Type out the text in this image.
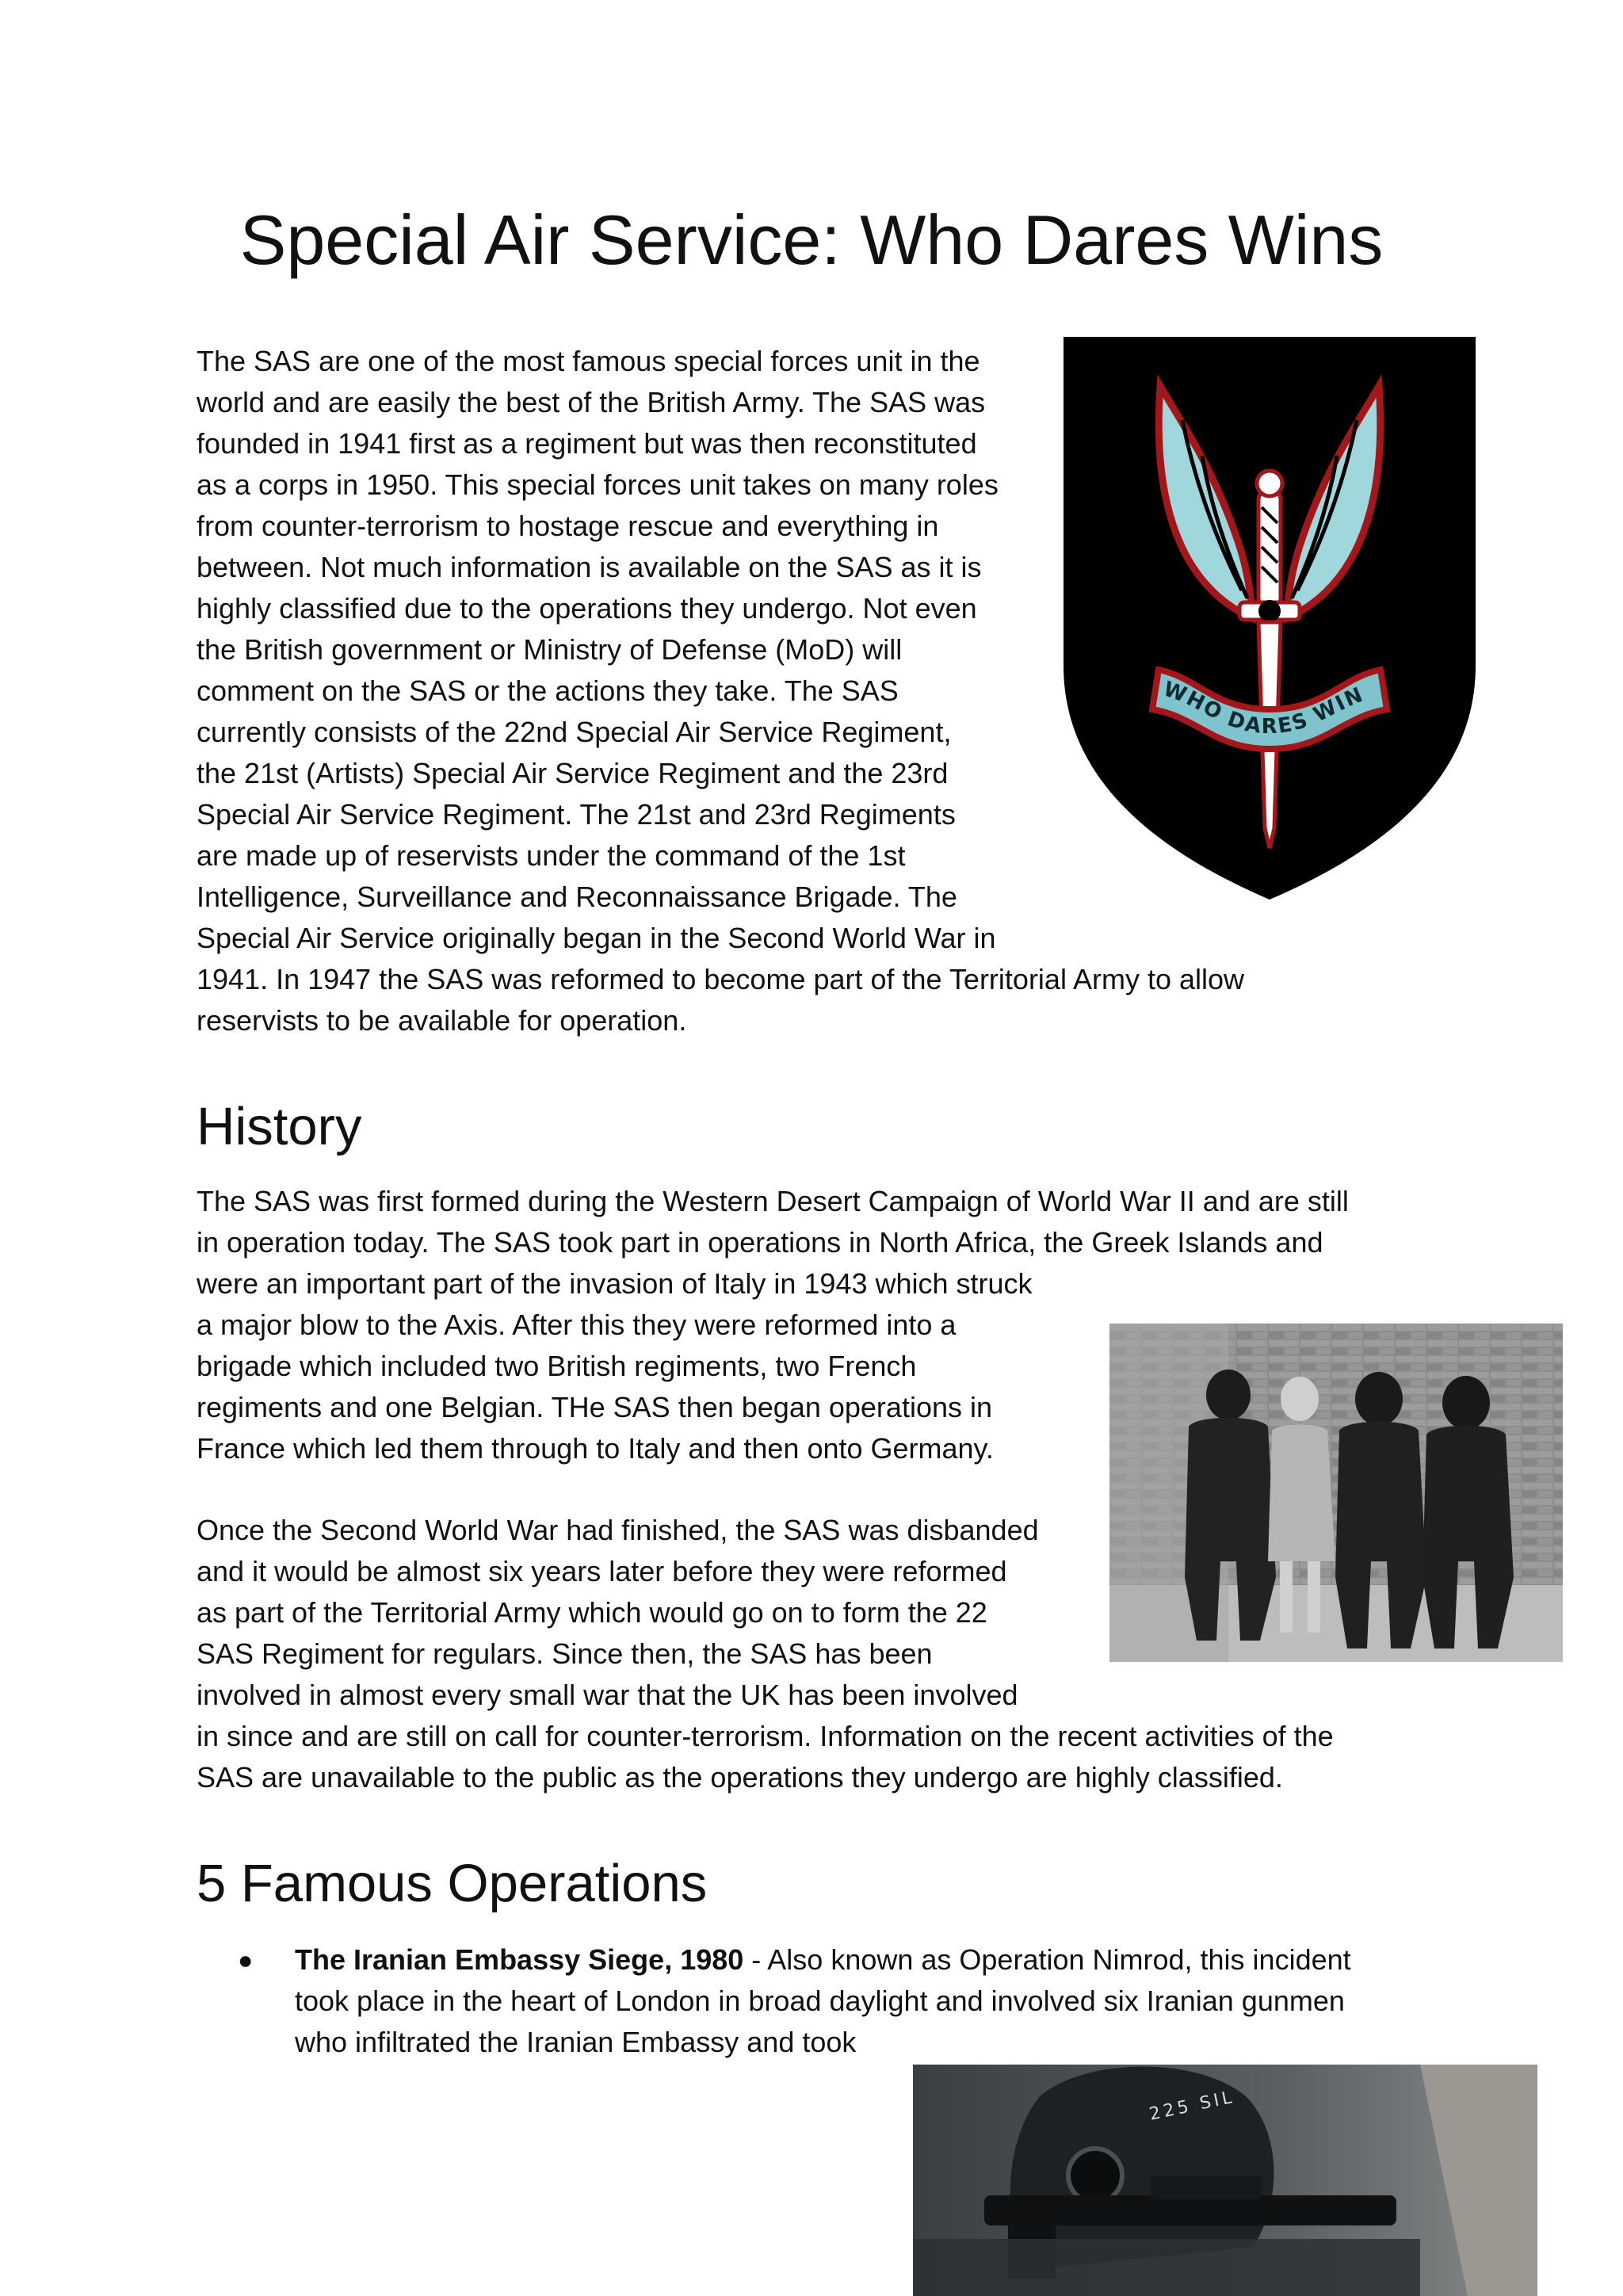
Special Air Service: Who Dares Wins
The SAS are one of the most famous special forces unit in the
world and are easily the best of the British Army. The SAS was
founded in 1941 first as a regiment but was then reconstituted
as a corps in 1950. This special forces unit takes on many roles
from counter-terrorism to hostage rescue and everything in
between. Not much information is available on the SAS as it is
highly classified due to the operations they undergo. Not even
the British government or Ministry of Defense (MoD) will
comment on the SAS or the actions they take. The SAS
currently consists of the 22nd Special Air Service Regiment,
the 21st (Artists) Special Air Service Regiment and the 23rd
Special Air Service Regiment. The 21st and 23rd Regiments
are made up of reservists under the command of the 1st
Intelligence, Surveillance and Reconnaissance Brigade. The
Special Air Service originally began in the Second World War in
1941. In 1947 the SAS was reformed to become part of the Territorial Army to allow
reservists to be available for operation.
WHO DARES WIN
History
The SAS was first formed during the Western Desert Campaign of World War II and are still
in operation today. The SAS took part in operations in North Africa, the Greek Islands and
were an important part of the invasion of Italy in 1943 which struck
a major blow to the Axis. After this they were reformed into a
brigade which included two British regiments, two French
regiments and one Belgian. THe SAS then began operations in
France which led them through to Italy and then onto Germany.
Once the Second World War had finished, the SAS was disbanded
and it would be almost six years later before they were reformed
as part of the Territorial Army which would go on to form the 22
SAS Regiment for regulars. Since then, the SAS has been
involved in almost every small war that the UK has been involved
in since and are still on call for counter-terrorism. Information on the recent activities of the
SAS are unavailable to the public as the operations they undergo are highly classified.
5 Famous Operations
● The Iranian Embassy Siege, 1980 - Also known as Operation Nimrod, this incident
took place in the heart of London in broad daylight and involved six Iranian gunmen
who infiltrated the Iranian Embassy and took
225 SIL
